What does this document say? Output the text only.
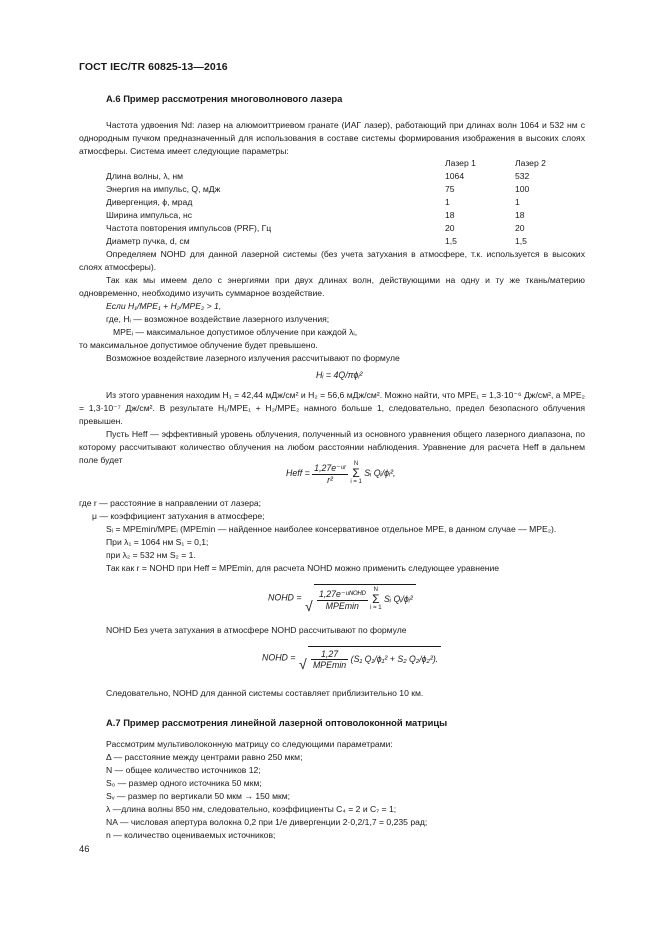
ГОСТ IEC/TR 60825-13—2016
A.6 Пример рассмотрения многоволнового лазера
Частота удвоения Nd: лазер на алюмоиттриевом гранате (ИАГ лазер), работающий при длинах волн 1064 и 532 нм с однородным пучком предназначенный для использования в составе системы формирования изображения в высоких слоях атмосферы. Система имеет следующие параметры:
Лазер 1	Лазер 2
Длина волны, λ, нм	1064	532
Энергия на импульс, Q, мДж	75	100
Дивергенция, ϕ, мрад	1	1
Ширина импульса, нс	18	18
Частота повторения импульсов (PRF), Гц	20	20
Диаметр пучка, d, см	1,5	1,5
Определяем NOHD для данной лазерной системы (без учета затухания в атмосфере, т.к. используется в высоких слоях атмосферы).
Так как мы имеем дело с энергиями при двух длинах волн, действующими на одну и ту же ткань/материю одновременно, необходимо изучить суммарное воздействие.
Если H₁/MPE₁ + H₂/MPE₂ > 1,
где, Hᵢ — возможное воздействие лазерного излучения;
MPEᵢ — максимальное допустимое облучение при каждой λᵢ,
то максимальное допустимое облучение будет превышено.
Возможное воздействие лазерного излучения рассчитывают по формуле
Hᵢ = 4Q/πϕᵢ²
Из этого уравнения находим H₁ = 42,44 мДж/см² и H₂ = 56,6 мДж/см². Можно найти, что MPE₁ = 1,3·10⁻⁶ Дж/см², а MPE₂ = 1,3·10⁻⁷ Дж/см². В результате H₁/MPE₁ + H₂/MPE₂ намного больше 1, следовательно, предел безопасного облучения превышен.
Пусть Heff — эффективный уровень облучения, полученный из основного уравнения общего лазерного диапазона, по которому рассчитывают количество облучения на любом расстоянии наблюдения. Уравнение для расчета Heff в дальнем поле будет
Heff = $\frac{\text{1,27e⁻ᵘʳ}}{\text{r²}}$ N
Σ
i = 1 Sᵢ Qᵢ/ϕᵢ²,
где r — расстояние в направлении от лазера;
μ — коэффициент затухания в атмосфере;
Sᵢ = MPEmin/MPEᵢ (MPEmin — найденное наиболее консервативное отдельное MPE, в данном случае — MPE₂).
При λ₁ = 1064 нм S₁ = 0,1;
при λ₂ = 532 нм S₂ = 1.
Так как r = NOHD при Heff = MPEmin, для расчета NOHD можно применить следующее уравнение
NOHD = √ $\frac{\text{1,27e⁻ᵘᴺᴼᴴᴰ}}{\text{MPEmin}}$ N
Σ
i = 1 Sᵢ Qᵢ/ϕᵢ²
NOHD Без учета затухания в атмосфере NOHD рассчитывают по формуле
NOHD = √ $\frac{1,27}{\text{MPEmin}} (S_1$ Q₁/ϕ₁² + S₂ Q₂/ϕ₂²).
Следовательно, NOHD для данной системы составляет приблизительно 10 км.
A.7 Пример рассмотрения линейной лазерной оптоволоконной матрицы
Рассмотрим мультиволоконную матрицу со следующими параметрами:
Δ — расстояние между центрами равно 250 мкм;
N — общее количество источников 12;
S₀ — размер одного источника 50 мкм;
Sᵥ — размер по вертикали 50 мкм → 150 мкм;
λ —длина волны 850 нм, следовательно, коэффициенты C₄ = 2 и C₇ = 1;
NA — числовая апертура волокна 0,2 при 1/e дивергенции 2·0,2/1,7 = 0,235 рад;
n — количество оцениваемых источников;
46
